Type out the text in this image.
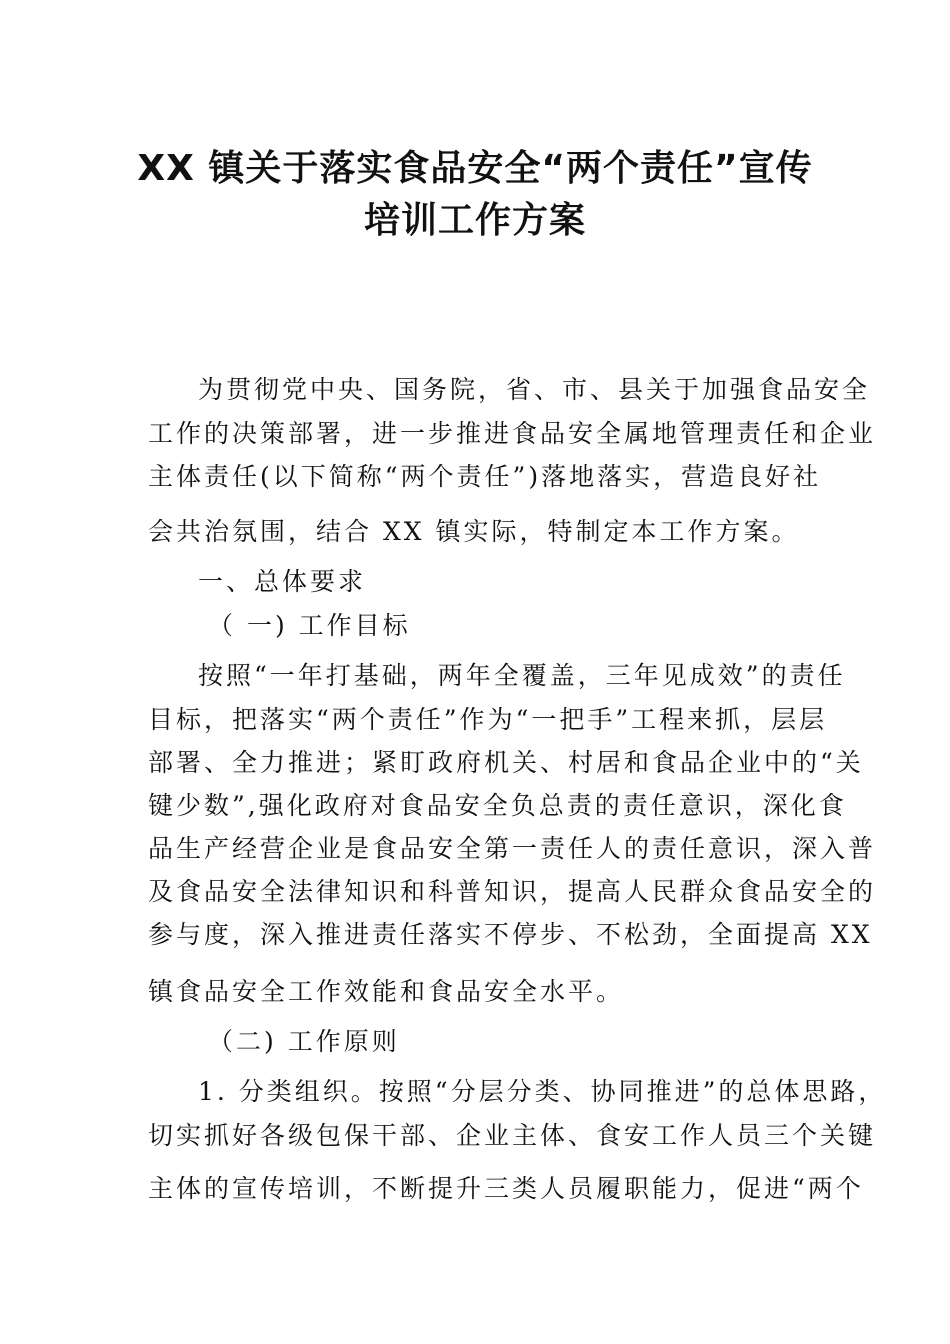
XX 镇关于落实食品安全“两个责任”宣传
培训工作方案
为贯彻党中央、国务院，省、市、县关于加强食品安全
工作的决策部署，进一步推进食品安全属地管理责任和企业
主体责任(以下简称“两个责任”)落地落实，营造良好社
会共治氛围，结合 XX 镇实际，特制定本工作方案。
一、总体要求
（ 一) 工作目标
按照“一年打基础，两年全覆盖，三年见成效”的责任
目标，把落实“两个责任”作为“一把手”工程来抓，层层
部署、全力推进；紧盯政府机关、村居和食品企业中的“关
键少数”,强化政府对食品安全负总责的责任意识，深化食
品生产经营企业是食品安全第一责任人的责任意识，深入普
及食品安全法律知识和科普知识，提高人民群众食品安全的
参与度，深入推进责任落实不停步、不松劲，全面提高 XX
镇食品安全工作效能和食品安全水平。
（二) 工作原则
1. 分类组织。按照“分层分类、协同推进”的总体思路，
切实抓好各级包保干部、企业主体、食安工作人员三个关键
主体的宣传培训，不断提升三类人员履职能力，促进“两个
